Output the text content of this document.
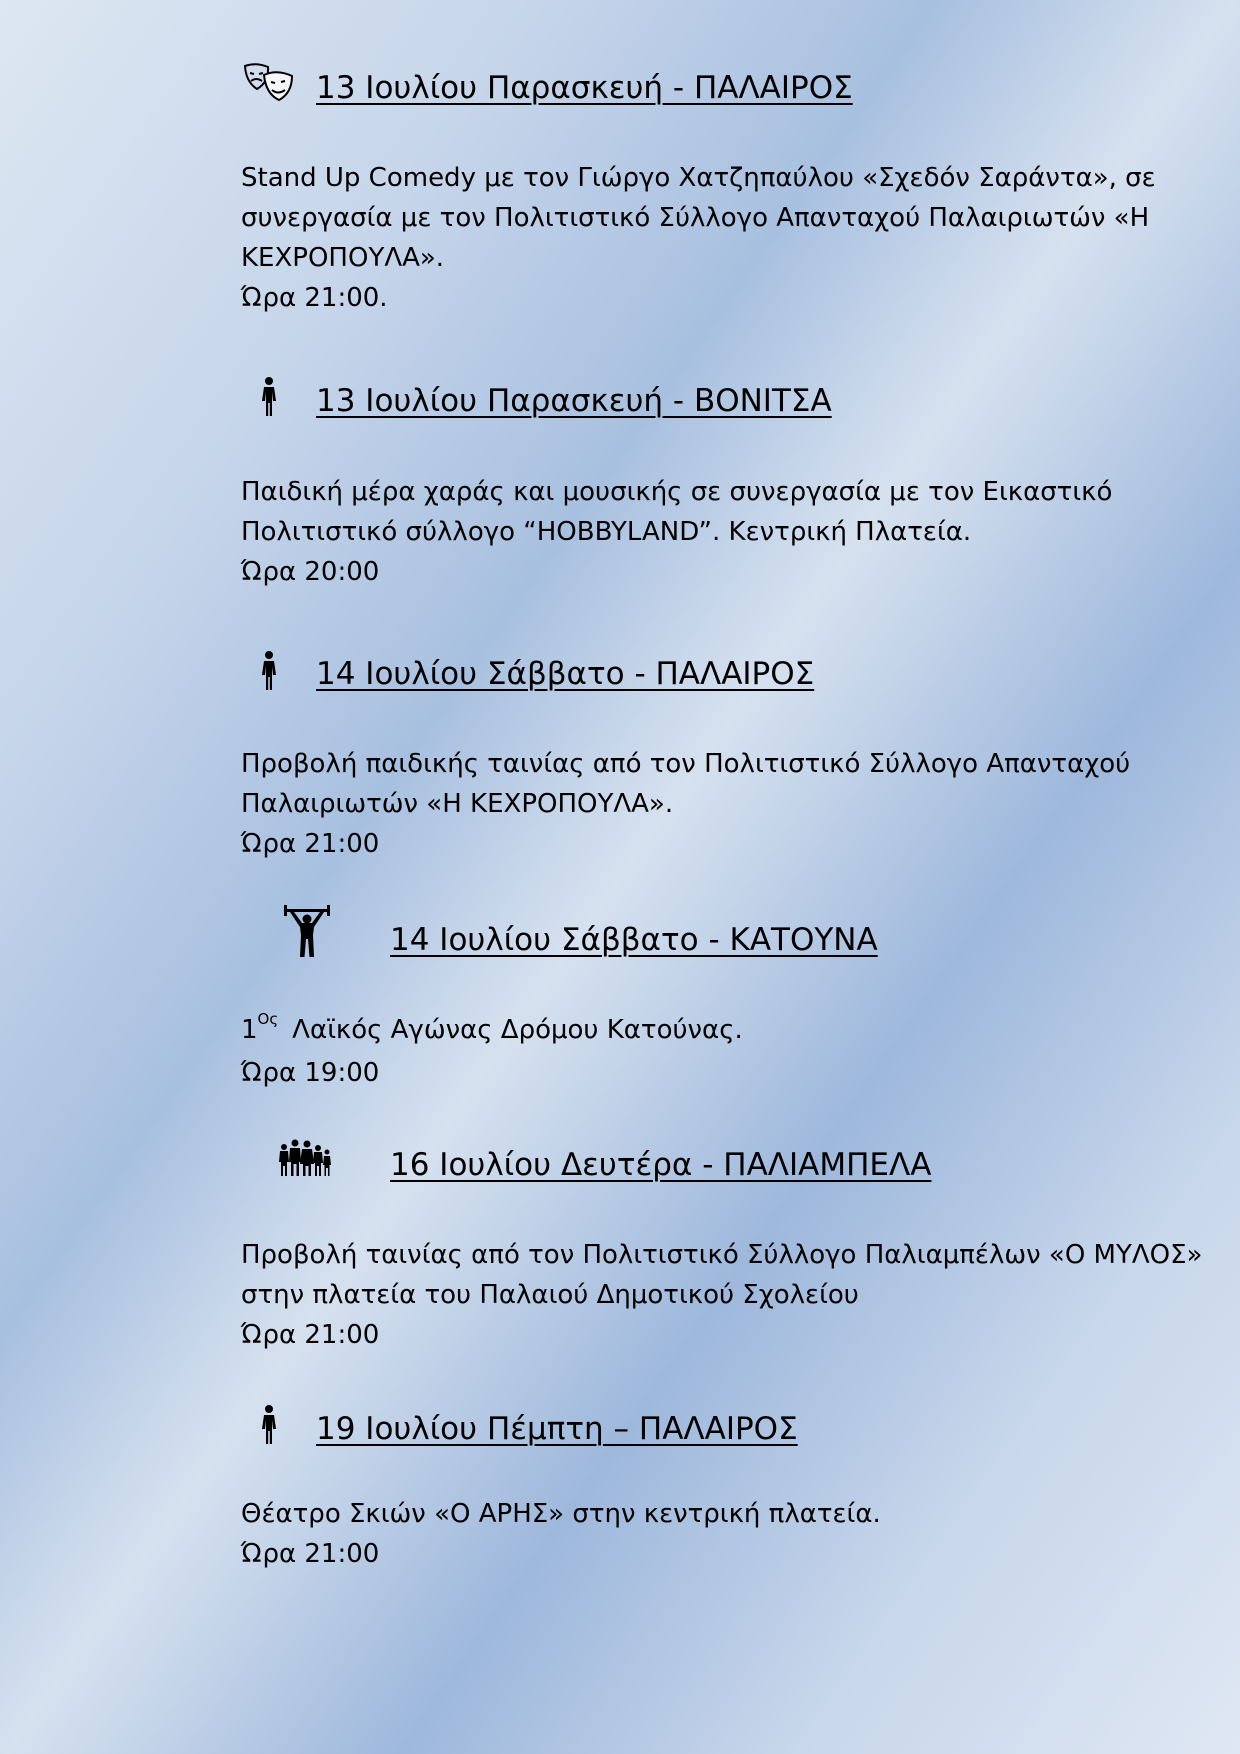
13 Ιουλίου Παρασκευή - ΠΑΛΑΙΡΟΣ

Stand Up Comedy με τον Γιώργο Χατζηπαύλου «Σχεδόν Σαράντα», σε

συνεργασία με τον Πολιτιστικό Σύλλογο Απανταχού Παλαιριωτών «Η

ΚΕΧΡΟΠΟΥΛΑ».

Ώρα 21:00.

13 Ιουλίου Παρασκευή - ΒΟΝΙΤΣΑ

Παιδική μέρα χαράς και μουσικής σε συνεργασία με τον Εικαστικό

Πολιτιστικό σύλλογο “HOBBYLAND”. Κεντρική Πλατεία.

Ώρα 20:00

14 Ιουλίου Σάββατο - ΠΑΛΑΙΡΟΣ

Προβολή παιδικής ταινίας από τον Πολιτιστικό Σύλλογο Απανταχού

Παλαιριωτών «Η ΚΕΧΡΟΠΟΥΛΑ».

Ώρα 21:00

14 Ιουλίου Σάββατο - ΚΑΤΟΥΝΑ

$1^{O\varsigma}$ Λαϊκός Αγώνας Δρόμου Κατούνας.

Ώρα 19:00

16 Ιουλίου Δευτέρα - ΠΑΛΙΑΜΠΕΛΑ

Προβολή ταινίας από τον Πολιτιστικό Σύλλογο Παλιαμπέλων «Ο ΜΥΛΟΣ»

στην πλατεία του Παλαιού Δημοτικού Σχολείου

Ώρα 21:00

19 Ιουλίου Πέμπτη – ΠΑΛΑΙΡΟΣ

Θέατρο Σκιών «Ο ΑΡΗΣ» στην κεντρική πλατεία.

Ώρα 21:00
